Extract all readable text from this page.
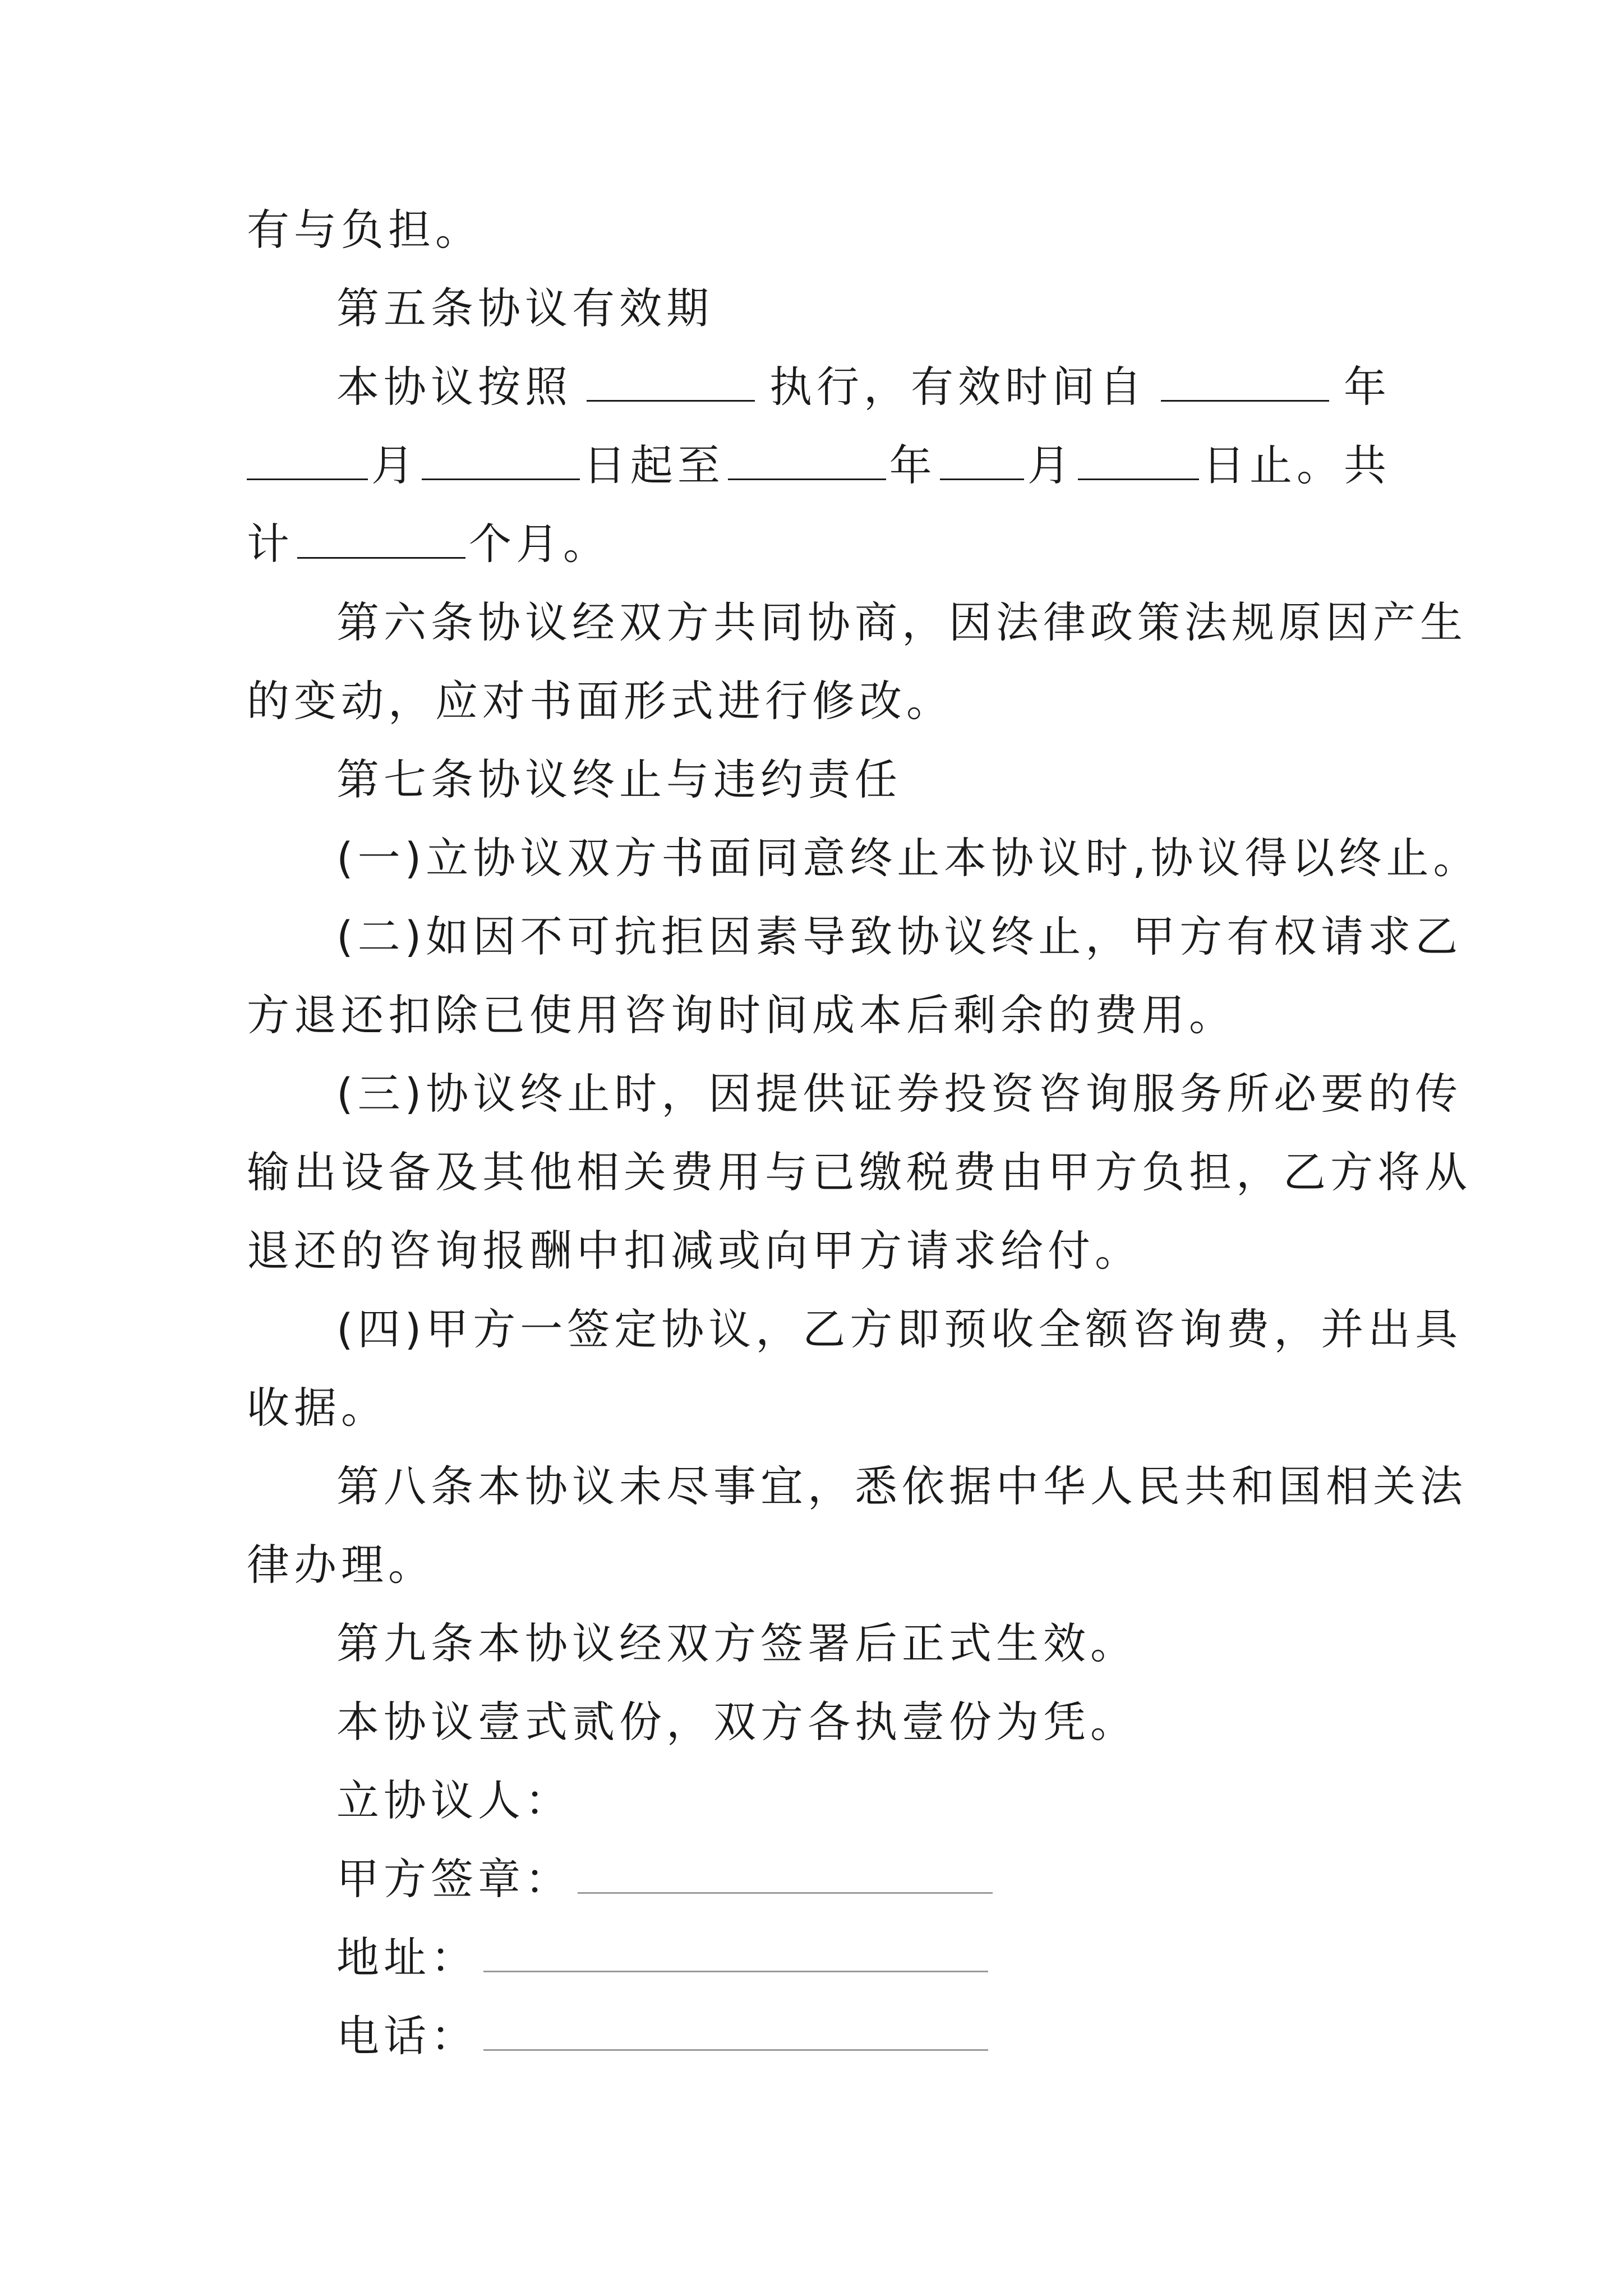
有与负担。
第五条协议有效期
本协议按照	执行，有效时间自	年
月	日起至	年 月	日止。共
计	个月。
第六条协议经双方共同协商，因法律政策法规原因产生
的变动，应对书面形式进行修改。
第七条协议终止与违约责任
(一)立协议双方书面同意终止本协议时,协议得以终止。
(二)如因不可抗拒因素导致协议终止，甲方有权请求乙
方退还扣除已使用咨询时间成本后剩余的费用。
(三)协议终止时，因提供证券投资咨询服务所必要的传
输出设备及其他相关费用与已缴税费由甲方负担，乙方将从
退还的咨询报酬中扣减或向甲方请求给付。
(四)甲方一签定协议，乙方即预收全额咨询费，并出具
收据。
第八条本协议未尽事宜，悉依据中华人民共和国相关法
律办理。
第九条本协议经双方签署后正式生效。
本协议壹式贰份，双方各执壹份为凭。
立协议人：
甲方签章：
地址：
电话：
